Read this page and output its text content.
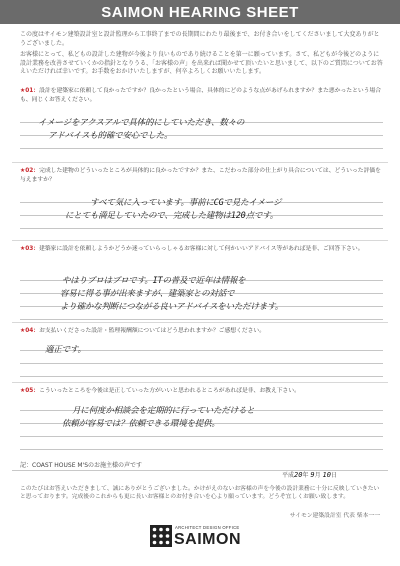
SAIMON HEARING SHEET

この度はサイモン建築設計室と設計監理から工事終了までの長期間にわたり最後まで、お付き合いをしてくださいまして大変ありがとうございました。

お客様にとって、私どもの設計した建物が今後より良いものであり続けることを第一に願っています。さて、私どもが今後どのように設計業務を改善させていくかの指針となりうる、「お客様の声」を出来れば聞かせて頂いたいと思いまして、以下のご質問についてお答えいただければ幸いです。お手数をおかけいたしますが、何卒よろしくお願いいたします。

★01：設計を建築家に依頼して良かったですか？良かったという場合、具体的にどのような点があげられますか？また悪かったという場合も、同じくお答えください。
イメージをアクスアルで具体的にしていただき、数々の
アドバイスも的確で安心でした。
★02：完成した建物のどういったところが具体的に良かったですか？また、こだわった部分の仕上がり具合については、どういった評価を与えますか？
すべて気に入っています。事前にCGで見たイメージ
にとても満足していたので、完成した建物は120点です。
★03：建築家に設計を依頼しようかどうか迷っていらっしゃるお客様に対して何かいいアドバイス等があれば是非、ご回答下さい。
やはりプロはプロです。ITの普及で近年は情報を
容易に得る事が出来ますが、建築家との対話で
より確かな判断につながる良いアドバイスをいただけます。
★04：お支払いくださった設計・監理報酬額についてはどう思われますか？ご感想ください。
適正です。
★05：こういったところを今後は是正していった方がいいと思われるところがあれば是非、お教え下さい。
月に何度か相談会を定期的に行っていただけると
依頼が容易では？依頼できる環境を提供。
記：COAST HOUSE M'Sのお施主様の声です
平成20年 9月 10日
このたびはお答えいただきまして、誠にありがとうございました。かけがえのないお客様の声を今後の設計業務に十分に反映していきたいと思っております。完成後のこれからも更に長いお客様とのお付き合いを心より願っています。どうぞ宜しくお願い致します。
サイモン建築設計室 代表 柴本一一
ARCHITECT DESIGN OFFICE
SAIMON
